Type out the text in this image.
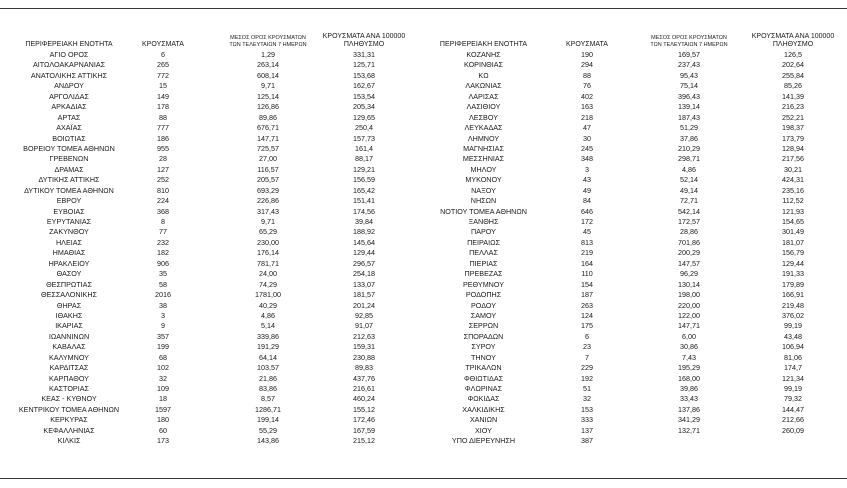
ΠΕΡΙΦΕΡΕΙΑΚΗ ΕΝΟΤΗΤΑ	ΚΡΟΥΣΜΑΤΑ
ΜΕΣΟΣ ΟΡΟΣ ΚΡΟΥΣΜΑΤΩΝ
ΤΩΝ ΤΕΛΕΥΤΑΙΩΝ 7 ΗΜΕΡΩΝ
ΚΡΟΥΣΜΑΤΑ ΑΝΑ 100000
ΠΛΗΘΥΣΜΟ
ΑΓΙΟ ΟΡΟΣ	6	1,29	331,31
ΑΙΤΩΛΟΑΚΑΡΝΑΝΙΑΣ	265	263,14	125,71
ΑΝΑΤΟΛΙΚΗΣ ΑΤΤΙΚΗΣ	772	608,14	153,68
ΑΝΔΡΟΥ	15	9,71	162,67
ΑΡΓΟΛΙΔΑΣ	149	125,14	153,54
ΑΡΚΑΔΙΑΣ	178	126,86	205,34
ΑΡΤΑΣ	88	89,86	129,65
ΑΧΑΪΑΣ	777	676,71	250,4
ΒΟΙΩΤΙΑΣ	186	147,71	157,73
ΒΟΡΕΙΟΥ ΤΟΜΕΑ ΑΘΗΝΩΝ	955	725,57	161,4
ΓΡΕΒΕΝΩΝ	28	27,00	88,17
ΔΡΑΜΑΣ	127	116,57	129,21
ΔΥΤΙΚΗΣ ΑΤΤΙΚΗΣ	252	205,57	156,59
ΔΥΤΙΚΟΥ ΤΟΜΕΑ ΑΘΗΝΩΝ	810	693,29	165,42
ΕΒΡΟΥ	224	226,86	151,41
ΕΥΒΟΙΑΣ	368	317,43	174,56
ΕΥΡΥΤΑΝΙΑΣ	8	9,71	39,84
ΖΑΚΥΝΘΟΥ	77	65,29	188,92
ΗΛΕΙΑΣ	232	230,00	145,64
ΗΜΑΘΙΑΣ	182	176,14	129,44
ΗΡΑΚΛΕΙΟΥ	906	781,71	296,57
ΘΑΣΟΥ	35	24,00	254,18
ΘΕΣΠΡΩΤΙΑΣ	58	74,29	133,07
ΘΕΣΣΑΛΟΝΙΚΗΣ	2016	1781,00	181,57
ΘΗΡΑΣ	38	40,29	201,24
ΙΘΑΚΗΣ	3	4,86	92,85
ΙΚΑΡΙΑΣ	9	5,14	91,07
ΙΩΑΝΝΙΝΩΝ	357	339,86	212,63
ΚΑΒΑΛΑΣ	199	191,29	159,31
ΚΑΛΥΜΝΟΥ	68	64,14	230,88
ΚΑΡΔΙΤΣΑΣ	102	103,57	89,83
ΚΑΡΠΑΘΟΥ	32	21,86	437,76
ΚΑΣΤΟΡΙΑΣ	109	83,86	216,61
ΚΕΑΣ - ΚΥΘΝΟΥ	18	8,57	460,24
ΚΕΝΤΡΙΚΟΥ ΤΟΜΕΑ ΑΘΗΝΩΝ	1597	1286,71	155,12
ΚΕΡΚΥΡΑΣ	180	199,14	172,46
ΚΕΦΑΛΛΗΝΙΑΣ	60	55,29	167,59
ΚΙΛΚΙΣ	173	143,86	215,12
ΠΕΡΙΦΕΡΕΙΑΚΗ ΕΝΟΤΗΤΑ	ΚΡΟΥΣΜΑΤΑ
ΜΕΣΟΣ ΟΡΟΣ ΚΡΟΥΣΜΑΤΩΝ
ΤΩΝ ΤΕΛΕΥΤΑΙΩΝ 7 ΗΜΕΡΩΝ
ΚΡΟΥΣΜΑΤΑ ΑΝΑ 100000
ΠΛΗΘΥΣΜΟ
ΚΟΖΑΝΗΣ	190	169,57	126,5
ΚΟΡΙΝΘΙΑΣ	294	237,43	202,64
ΚΩ	88	95,43	255,84
ΛΑΚΩΝΙΑΣ	76	75,14	85,26
ΛΑΡΙΣΑΣ	402	396,43	141,39
ΛΑΣΙΘΙΟΥ	163	139,14	216,23
ΛΕΣΒΟΥ	218	187,43	252,21
ΛΕΥΚΑΔΑΣ	47	51,29	198,37
ΛΗΜΝΟΥ	30	37,86	173,79
ΜΑΓΝΗΣΙΑΣ	245	210,29	128,94
ΜΕΣΣΗΝΙΑΣ	348	298,71	217,56
ΜΗΛΟΥ	3	4,86	30,21
ΜΥΚΟΝΟΥ	43	52,14	424,31
ΝΑΞΟΥ	49	49,14	235,16
ΝΗΣΩΝ	84	72,71	112,52
ΝΟΤΙΟΥ ΤΟΜΕΑ ΑΘΗΝΩΝ	646	542,14	121,93
ΞΑΝΘΗΣ	172	172,57	154,65
ΠΑΡΟΥ	45	28,86	301,49
ΠΕΙΡΑΙΩΣ	813	701,86	181,07
ΠΕΛΛΑΣ	219	200,29	156,79
ΠΙΕΡΙΑΣ	164	147,57	129,44
ΠΡΕΒΕΖΑΣ	110	96,29	191,33
ΡΕΘΥΜΝΟΥ	154	130,14	179,89
ΡΟΔΟΠΗΣ	187	198,00	166,91
ΡΟΔΟΥ	263	220,00	219,48
ΣΑΜΟΥ	124	122,00	376,02
ΣΕΡΡΩΝ	175	147,71	99,19
ΣΠΟΡΑΔΩΝ	6	6,00	43,48
ΣΥΡΟΥ	23	30,86	106,94
ΤΗΝΟΥ	7	7,43	81,06
ΤΡΙΚΑΛΩΝ	229	195,29	174,7
ΦΘΙΩΤΙΔΑΣ	192	168,00	121,34
ΦΛΩΡΙΝΑΣ	51	39,86	99,19
ΦΩΚΙΔΑΣ	32	33,43	79,32
ΧΑΛΚΙΔΙΚΗΣ	153	137,86	144,47
ΧΑΝΙΩΝ	333	341,29	212,66
ΧΙΟΥ	137	132,71	260,09
ΥΠΟ ΔΙΕΡΕΥΝΗΣΗ	387
